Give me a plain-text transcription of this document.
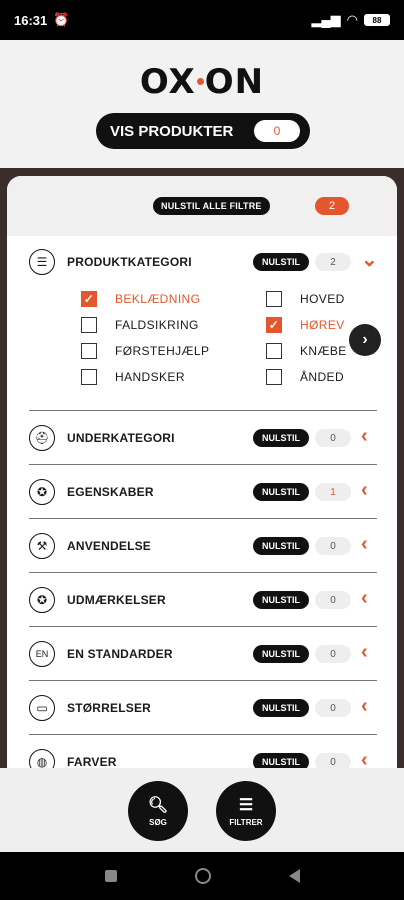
16:31 ⏰	▂▄▆ ◠	88
OX ON
VIS PRODUKTER	0
NULSTIL ALLE FILTRE	2
☰	PRODUKTKATEGORI	NULSTIL	2	⌄
✓ BEKLÆDNING	HOVED
FALDSIKRING	✓ HØREV
FØRSTEHJÆLP	KNÆBE
HANDSKER	ÅNDED
›
⛑	UNDERKATEGORI	NULSTIL	0	‹
✪	EGENSKABER	NULSTIL	1	‹
⚒	ANVENDELSE	NULSTIL	0	‹
✪	UDMÆRKELSER	NULSTIL	0	‹
EN	EN STANDARDER	NULSTIL	0	‹
▭	STØRRELSER	NULSTIL	0	‹
◍	FARVER	NULSTIL	0	‹
🔍︎
SØG
☰
FILTRER
